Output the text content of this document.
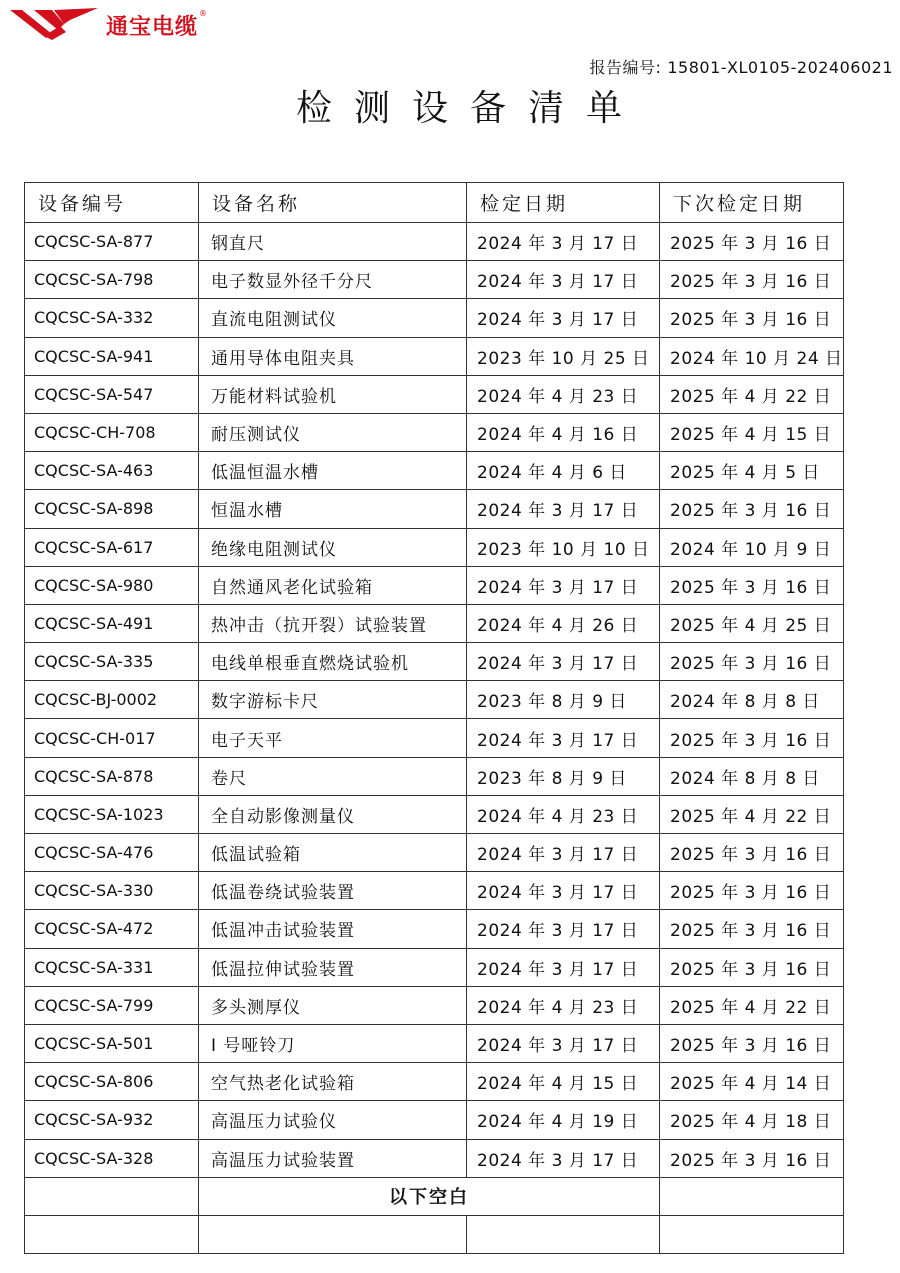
通宝电缆
®
报告编号: 15801-XL0105-202406021
检测设备清单
设备编号	设备名称	检定日期	下次检定日期
CQCSC-SA-877	钢直尺	2024 年 3 月 17 日	2025 年 3 月 16 日
CQCSC-SA-798	电子数显外径千分尺	2024 年 3 月 17 日	2025 年 3 月 16 日
CQCSC-SA-332	直流电阻测试仪	2024 年 3 月 17 日	2025 年 3 月 16 日
CQCSC-SA-941	通用导体电阻夹具	2023 年 10 月 25 日	2024 年 10 月 24 日
CQCSC-SA-547	万能材料试验机	2024 年 4 月 23 日	2025 年 4 月 22 日
CQCSC-CH-708	耐压测试仪	2024 年 4 月 16 日	2025 年 4 月 15 日
CQCSC-SA-463	低温恒温水槽	2024 年 4 月 6 日	2025 年 4 月 5 日
CQCSC-SA-898	恒温水槽	2024 年 3 月 17 日	2025 年 3 月 16 日
CQCSC-SA-617	绝缘电阻测试仪	2023 年 10 月 10 日	2024 年 10 月 9 日
CQCSC-SA-980	自然通风老化试验箱	2024 年 3 月 17 日	2025 年 3 月 16 日
CQCSC-SA-491	热冲击（抗开裂）试验装置	2024 年 4 月 26 日	2025 年 4 月 25 日
CQCSC-SA-335	电线单根垂直燃烧试验机	2024 年 3 月 17 日	2025 年 3 月 16 日
CQCSC-BJ-0002	数字游标卡尺	2023 年 8 月 9 日	2024 年 8 月 8 日
CQCSC-CH-017	电子天平	2024 年 3 月 17 日	2025 年 3 月 16 日
CQCSC-SA-878	卷尺	2023 年 8 月 9 日	2024 年 8 月 8 日
CQCSC-SA-1023	全自动影像测量仪	2024 年 4 月 23 日	2025 年 4 月 22 日
CQCSC-SA-476	低温试验箱	2024 年 3 月 17 日	2025 年 3 月 16 日
CQCSC-SA-330	低温卷绕试验装置	2024 年 3 月 17 日	2025 年 3 月 16 日
CQCSC-SA-472	低温冲击试验装置	2024 年 3 月 17 日	2025 年 3 月 16 日
CQCSC-SA-331	低温拉伸试验装置	2024 年 3 月 17 日	2025 年 3 月 16 日
CQCSC-SA-799	多头测厚仪	2024 年 4 月 23 日	2025 年 4 月 22 日
CQCSC-SA-501	I 号哑铃刀	2024 年 3 月 17 日	2025 年 3 月 16 日
CQCSC-SA-806	空气热老化试验箱	2024 年 4 月 15 日	2025 年 4 月 14 日
CQCSC-SA-932	高温压力试验仪	2024 年 4 月 19 日	2025 年 4 月 18 日
CQCSC-SA-328	高温压力试验装置	2024 年 3 月 17 日	2025 年 3 月 16 日
	以下空白		
